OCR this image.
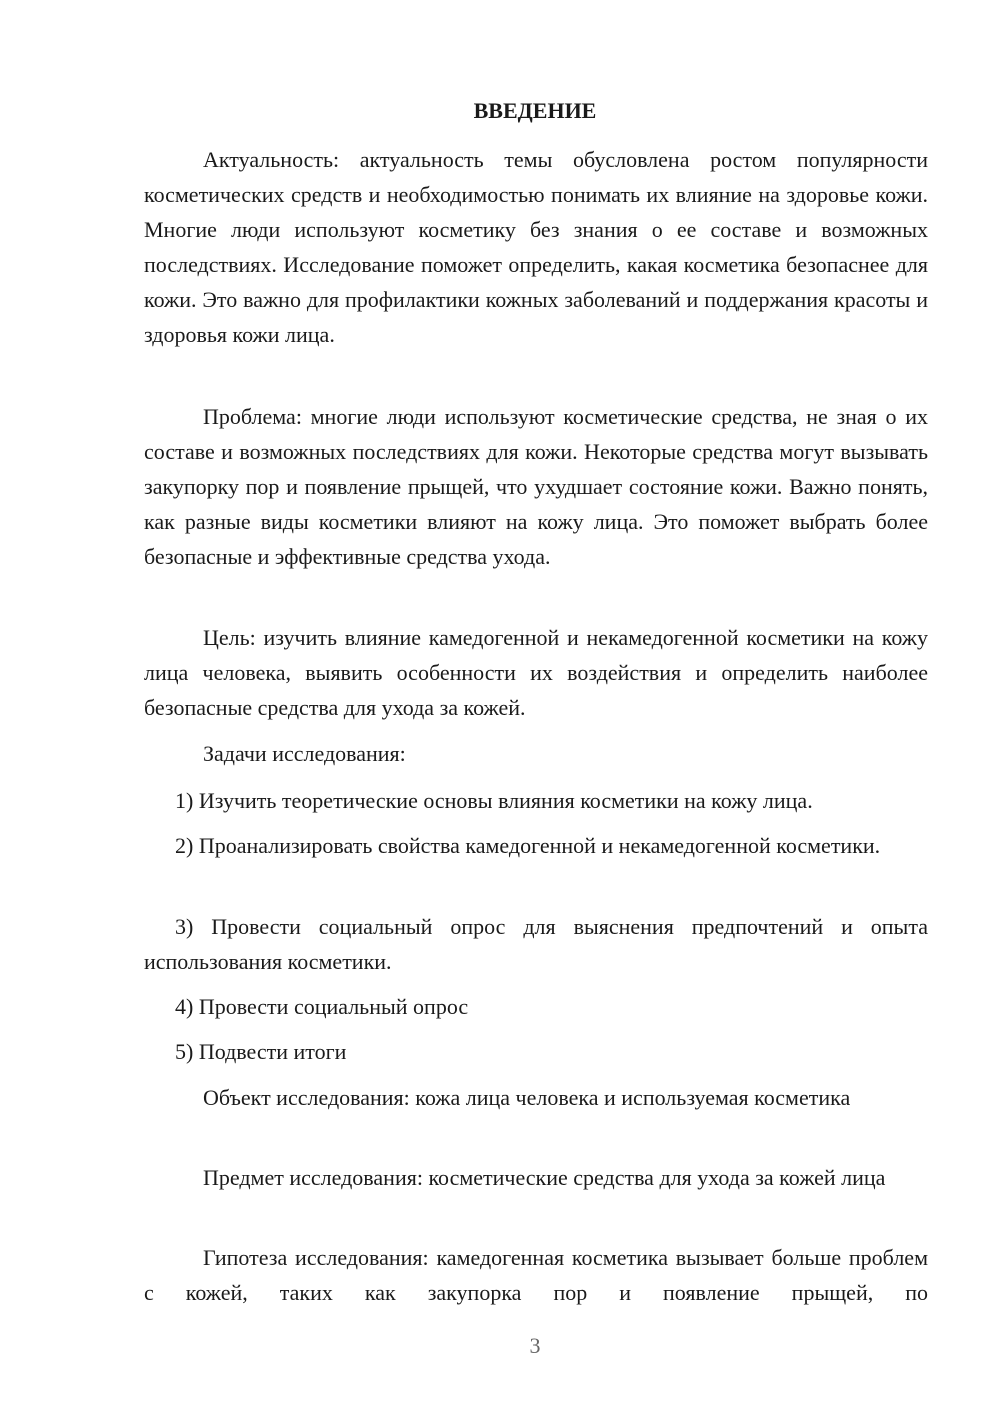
ВВЕДЕНИЕ
Актуальность: актуальность темы обусловлена ростом популярности косметических средств и необходимостью понимать их влияние на здоровье кожи. Многие люди используют косметику без знания о ее составе и возможных последствиях. Исследование поможет определить, какая косметика безопаснее для кожи. Это важно для профилактики кожных заболеваний и поддержания красоты и здоровья кожи лица.
Проблема: многие люди используют косметические средства, не зная о их составе и возможных последствиях для кожи. Некоторые средства могут вызывать закупорку пор и появление прыщей, что ухудшает состояние кожи. Важно понять, как разные виды косметики влияют на кожу лица. Это поможет выбрать более безопасные и эффективные средства ухода.
Цель: изучить влияние камедогенной и некамедогенной косметики на кожу лица человека, выявить особенности их воздействия и определить наиболее безопасные средства для ухода за кожей.
Задачи исследования:
1) Изучить теоретические основы влияния косметики на кожу лица.
2) Проанализировать свойства камедогенной и некамедогенной косметики.
3) Провести социальный опрос для выяснения предпочтений и опыта использования косметики.
4) Провести социальный опрос
5) Подвести итоги
Объект исследования: кожа лица человека и используемая косметика
Предмет исследования: косметические средства для ухода за кожей лица
Гипотеза исследования: камедогенная косметика вызывает больше проблем с кожей, таких как закупорка пор и появление прыщей, по
3
